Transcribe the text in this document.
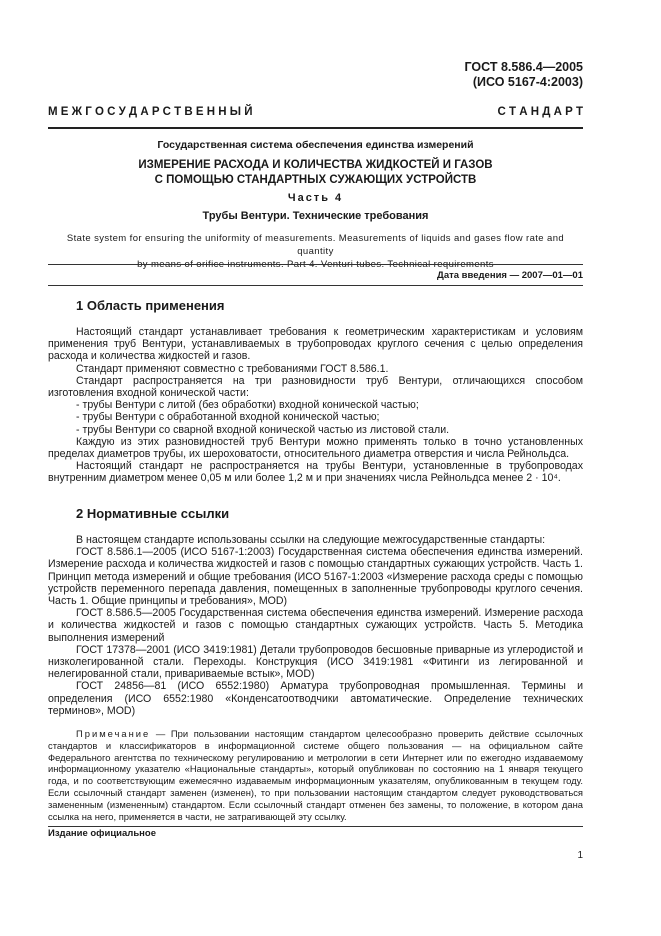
ГОСТ 8.586.4—2005
(ИСО 5167-4:2003)
М Е Ж Г О С У Д А Р С Т В Е Н Н Ы Й	С Т А Н Д А Р Т
Государственная система обеспечения единства измерений
ИЗМЕРЕНИЕ РАСХОДА И КОЛИЧЕСТВА ЖИДКОСТЕЙ И ГАЗОВ
С ПОМОЩЬЮ СТАНДАРТНЫХ СУЖАЮЩИХ УСТРОЙСТВ
Часть 4
Трубы Вентури. Технические требования
State system for ensuring the uniformity of measurements. Measurements of liquids and gases flow rate and quantity
by means of orifice instruments. Part 4. Venturi tubes. Technical requirements
Дата введения — 2007—01—01
1 Область применения

Настоящий стандарт устанавливает требования к геометрическим характеристикам и условиям применения труб Вентури, устанавливаемых в трубопроводах круглого сечения с целью определения расхода и количества жидкостей и газов.

Стандарт применяют совместно с требованиями ГОСТ 8.586.1.

Стандарт распространяется на три разновидности труб Вентури, отличающихся способом изготовления входной конической части:

- трубы Вентури с литой (без обработки) входной конической частью;

- трубы Вентури с обработанной входной конической частью;

- трубы Вентури со сварной входной конической частью из листовой стали.

Каждую из этих разновидностей труб Вентури можно применять только в точно установленных пределах диаметров трубы, их шероховатости, относительного диаметра отверстия и числа Рейнольдса.

Настоящий стандарт не распространяется на трубы Вентури, установленные в трубопроводах внутренним диаметром менее 0,05 м или более 1,2 м и при значениях числа Рейнольдса менее 2 · 10⁴.

2 Нормативные ссылки

В настоящем стандарте использованы ссылки на следующие межгосударственные стандарты:

ГОСТ 8.586.1—2005 (ИСО 5167-1:2003) Государственная система обеспечения единства измерений. Измерение расхода и количества жидкостей и газов с помощью стандартных сужающих устройств. Часть 1. Принцип метода измерений и общие требования (ИСО 5167-1:2003 «Измерение расхода среды с помощью устройств переменного перепада давления, помещенных в заполненные трубопроводы круглого сечения. Часть 1. Общие принципы и требования», MOD)

ГОСТ 8.586.5—2005 Государственная система обеспечения единства измерений. Измерение расхода и количества жидкостей и газов с помощью стандартных сужающих устройств. Часть 5. Методика выполнения измерений

ГОСТ 17378—2001 (ИСО 3419:1981) Детали трубопроводов бесшовные приварные из углеродистой и низколегированной стали. Переходы. Конструкция (ИСО 3419:1981 «Фитинги из легированной и нелегированной стали, привариваемые встык», MOD)

ГОСТ 24856—81 (ИСО 6552:1980) Арматура трубопроводная промышленная. Термины и определения (ИСО 6552:1980 «Конденсатоотводчики автоматические. Определение технических терминов», MOD)

Примечание — При пользовании настоящим стандартом целесообразно проверить действие ссылочных стандартов и классификаторов в информационной системе общего пользования — на официальном сайте Федерального агентства по техническому регулированию и метрологии в сети Интернет или по ежегодно издаваемому информационному указателю «Национальные стандарты», который опубликован по состоянию на 1 января текущего года, и по соответствующим ежемесячно издаваемым информационным указателям, опубликованным в текущем году. Если ссылочный стандарт заменен (изменен), то при пользовании настоящим стандартом следует руководствоваться замененным (измененным) стандартом. Если ссылочный стандарт отменен без замены, то положение, в котором дана ссылка на него, применяется в части, не затрагивающей эту ссылку.

Издание официальное
1
